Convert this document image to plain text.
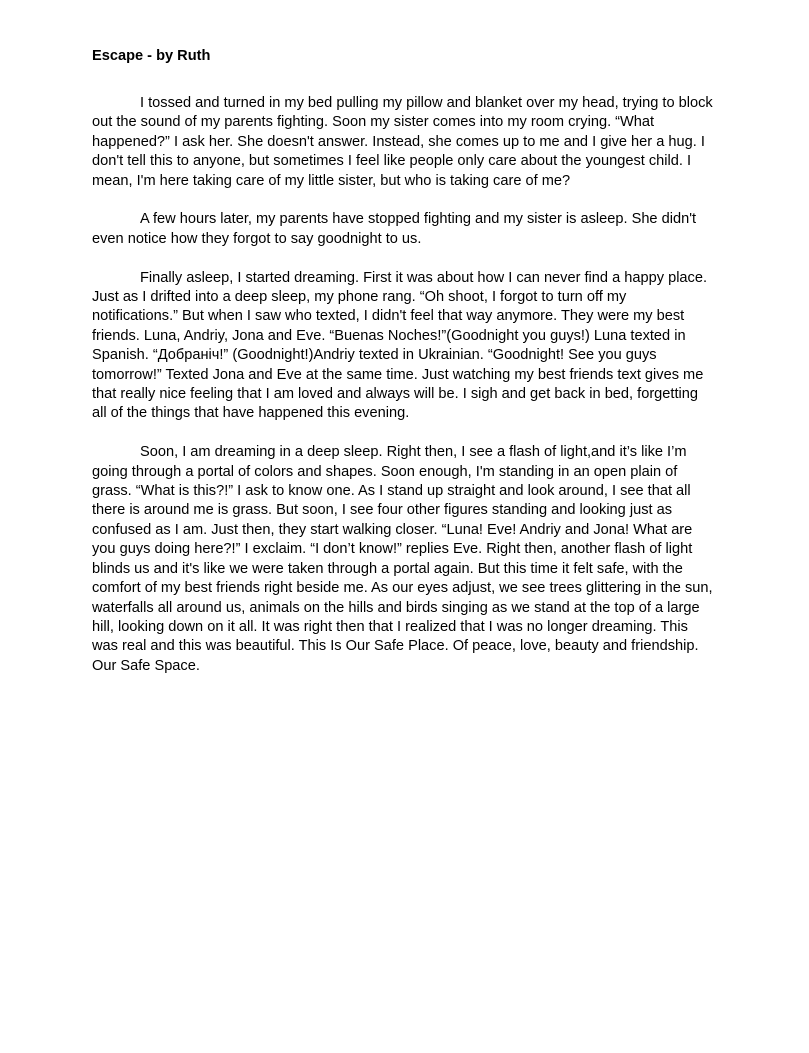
Escape - by Ruth

I tossed and turned in my bed pulling my pillow and blanket over my head, trying to block
out the sound of my parents fighting. Soon my sister comes into my room crying. “What
happened?” I ask her. She doesn't answer. Instead, she comes up to me and I give her a hug. I
don't tell this to anyone, but sometimes I feel like people only care about the youngest child. I
mean, I'm here taking care of my little sister, but who is taking care of me?

A few hours later, my parents have stopped fighting and my sister is asleep. She didn't
even notice how they forgot to say goodnight to us.

Finally asleep, I started dreaming. First it was about how I can never find a happy place.
Just as I drifted into a deep sleep, my phone rang. “Oh shoot, I forgot to turn off my
notifications.” But when I saw who texted, I didn't feel that way anymore. They were my best
friends. Luna, Andriy, Jona and Eve. “Buenas Noches!”(Goodnight you guys!) Luna texted in
Spanish. “Добраніч!” (Goodnight!)Andriy texted in Ukrainian. “Goodnight! See you guys
tomorrow!” Texted Jona and Eve at the same time. Just watching my best friends text gives me
that really nice feeling that I am loved and always will be. I sigh and get back in bed, forgetting
all of the things that have happened this evening.

Soon, I am dreaming in a deep sleep. Right then, I see a flash of light,and it’s like I’m
going through a portal of colors and shapes. Soon enough, I'm standing in an open plain of
grass. “What is this?!” I ask to know one. As I stand up straight and look around, I see that all
there is around me is grass. But soon, I see four other figures standing and looking just as
confused as I am. Just then, they start walking closer. “Luna! Eve! Andriy and Jona! What are
you guys doing here?!” I exclaim. “I don’t know!” replies Eve. Right then, another flash of light
blinds us and it's like we were taken through a portal again. But this time it felt safe, with the
comfort of my best friends right beside me. As our eyes adjust, we see trees glittering in the sun,
waterfalls all around us, animals on the hills and birds singing as we stand at the top of a large
hill, looking down on it all. It was right then that I realized that I was no longer dreaming. This
was real and this was beautiful. This Is Our Safe Place. Of peace, love, beauty and friendship.
Our Safe Space.
